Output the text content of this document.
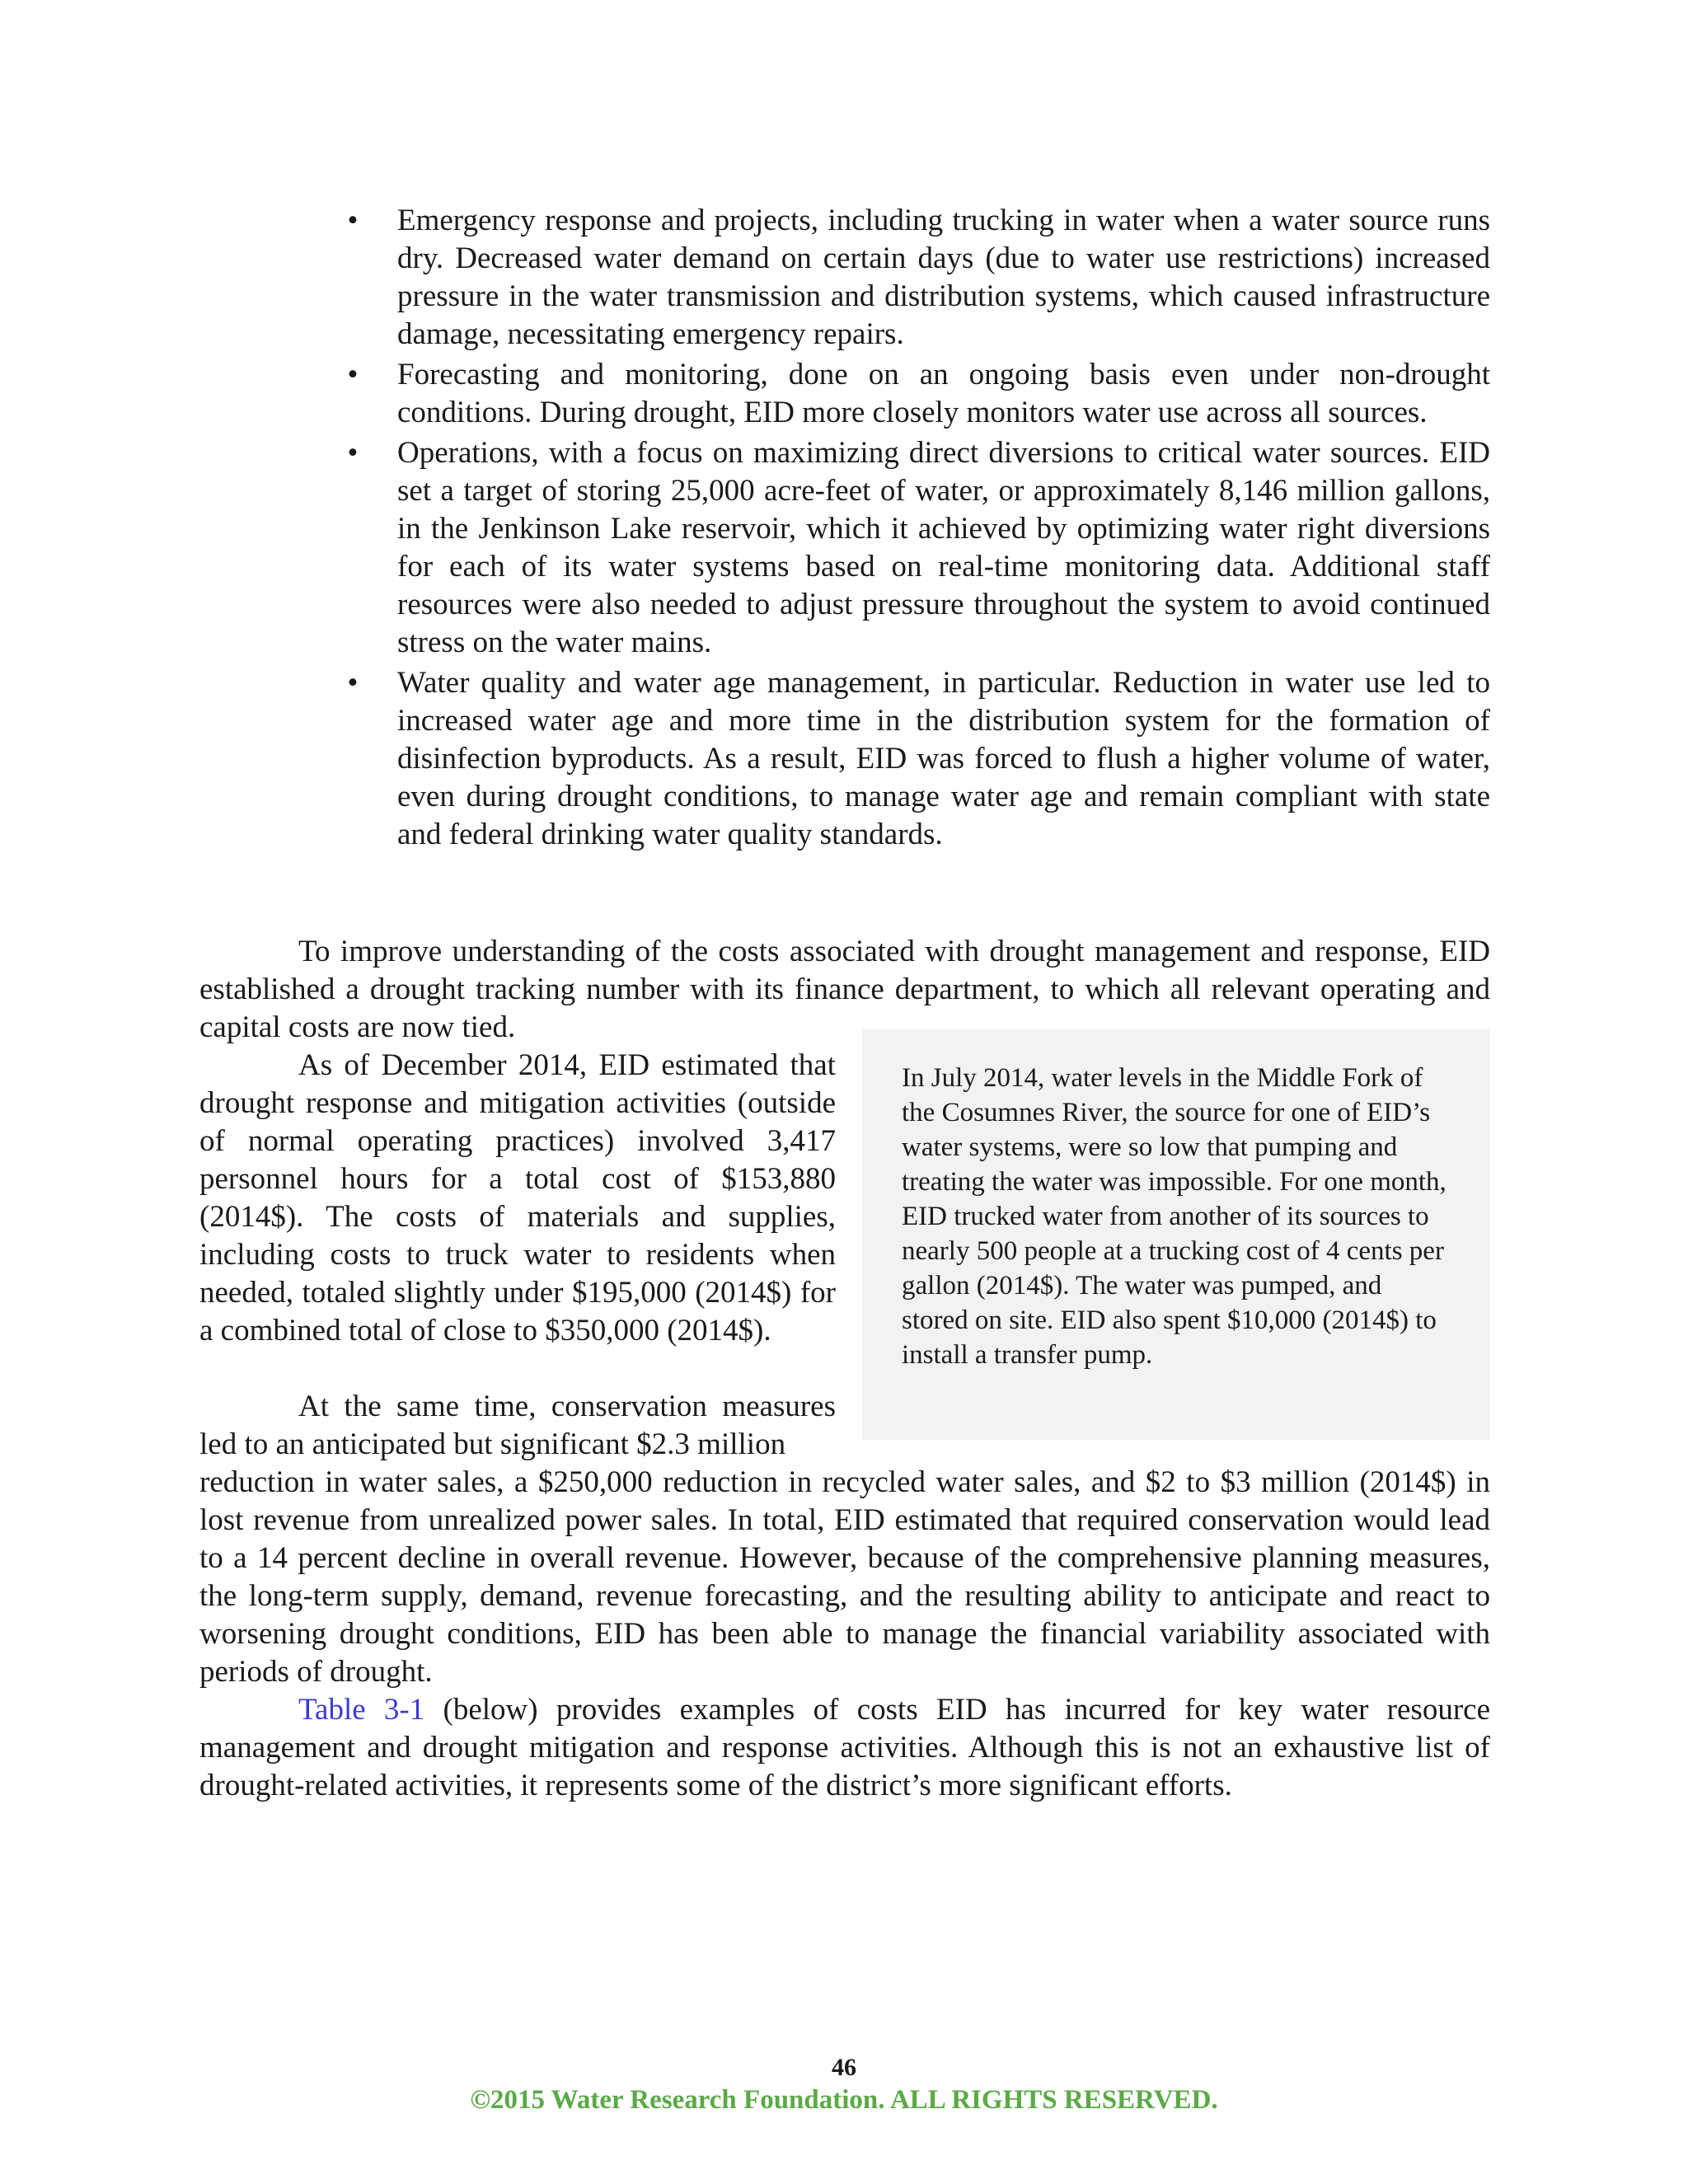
• Emergency response and projects, including trucking in water when a water source runs dry. Decreased water demand on certain days (due to water use restrictions) increased pressure in the water transmission and distribution systems, which caused infrastructure damage, necessitating emergency repairs.
• Forecasting and monitoring, done on an ongoing basis even under non-drought conditions. During drought, EID more closely monitors water use across all sources.
• Operations, with a focus on maximizing direct diversions to critical water sources. EID set a target of storing 25,000 acre-feet of water, or approximately 8,146 million gallons, in the Jenkinson Lake reservoir, which it achieved by optimizing water right diversions for each of its water systems based on real-time monitoring data. Additional staff resources were also needed to adjust pressure throughout the system to avoid continued stress on the water mains.
• Water quality and water age management, in particular. Reduction in water use led to increased water age and more time in the distribution system for the formation of disinfection byproducts. As a result, EID was forced to flush a higher volume of water, even during drought conditions, to manage water age and remain compliant with state and federal drinking water quality standards.

To improve understanding of the costs associated with drought management and response, EID established a drought tracking number with its finance department, to which all relevant operating and capital costs are now tied.

As of December 2014, EID estimated that drought response and mitigation activities (outside of normal operating practices) involved 3,417 personnel hours for a total cost of $153,880 (2014$). The costs of materials and supplies, including costs to truck water to residents when needed, totaled slightly under $195,000 (2014$) for a combined total of close to $350,000 (2014$).

At the same time, conservation measures led to an anticipated but significant $2.3 million

reduction in water sales, a $250,000 reduction in recycled water sales, and $2 to $3 million (2014$) in lost revenue from unrealized power sales. In total, EID estimated that required conservation would lead to a 14 percent decline in overall revenue. However, because of the comprehensive planning measures, the long-term supply, demand, revenue forecasting, and the resulting ability to anticipate and react to worsening drought conditions, EID has been able to manage the financial variability associated with periods of drought.

Table 3-1 (below) provides examples of costs EID has incurred for key water resource management and drought mitigation and response activities. Although this is not an exhaustive list of drought-related activities, it represents some of the district’s more significant efforts.

In July 2014, water levels in the Middle Fork of the Cosumnes River, the source for one of EID’s water systems, were so low that pumping and treating the water was impossible. For one month, EID trucked water from another of its sources to nearly 500 people at a trucking cost of 4 cents per gallon (2014$). The water was pumped, and stored on site. EID also spent $10,000 (2014$) to install a transfer pump.
46
©2015 Water Research Foundation. ALL RIGHTS RESERVED.
